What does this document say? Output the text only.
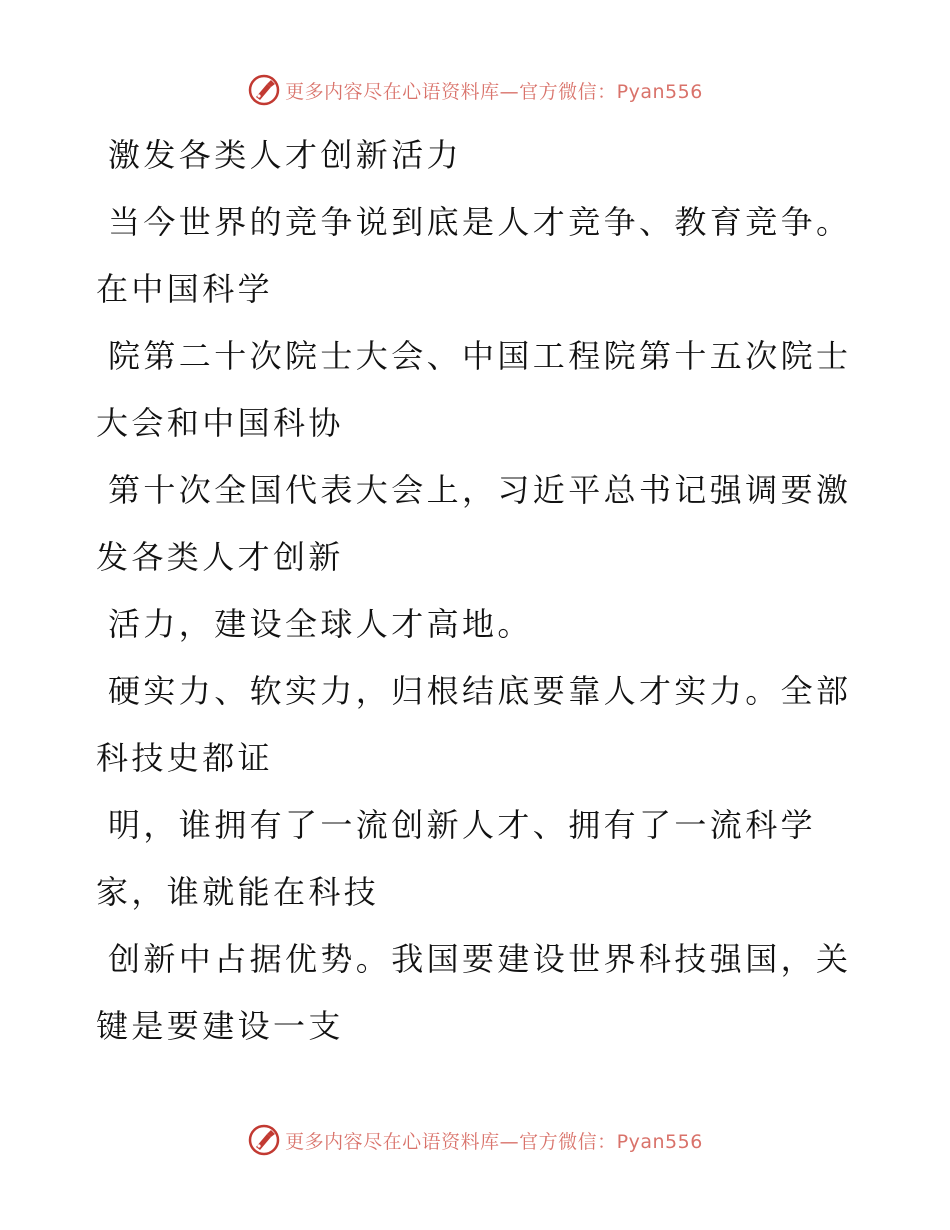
更多内容尽在心语资料库—官方微信：Pyan556

激发各类人才创新活力

当今世界的竞争说到底是人才竞争、教育竞争。

在中国科学

院第二十次院士大会、中国工程院第十五次院士

大会和中国科协

第十次全国代表大会上，习近平总书记强调要激

发各类人才创新

活力，建设全球人才高地。

硬实力、软实力，归根结底要靠人才实力。全部

科技史都证

明，谁拥有了一流创新人才、拥有了一流科学

家，谁就能在科技

创新中占据优势。我国要建设世界科技强国，关

键是要建设一支

更多内容尽在心语资料库—官方微信：Pyan556
